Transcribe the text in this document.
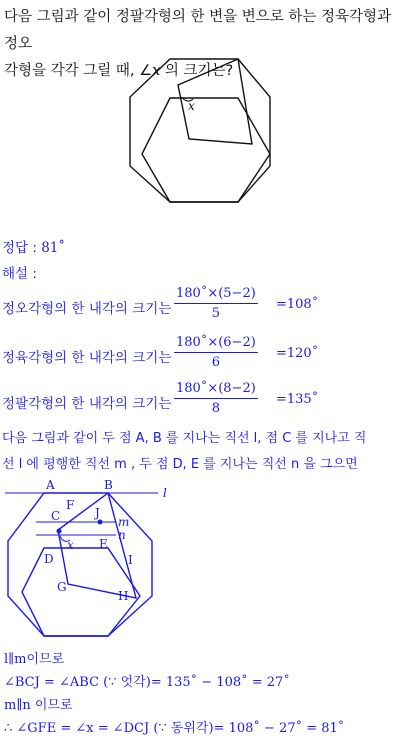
다음 그림과 같이 정팔각형의 한 변을 변으로 하는 정육각형과 정오
각형을 각각 그릴 때, ∠x 의 크기는?
x
정답 : 81˚
해설 :
정오각형의 한 내각의 크기는 $\frac{180˚\times(5-2)}{5}$ =108˚
정육각형의 한 내각의 크기는 $\frac{180˚\times(6-2)}{6}$ =120˚
정팔각형의 한 내각의 크기는 $\frac{180˚\times(8-2)}{8}$ =135˚
다음 그림과 같이 두 점 A, B 를 지나는 직선 l, 점 C 를 지나고 직
선 l 에 평행한 직선 m , 두 점 D, E 를 지나는 직선 n 을 그으면
A	B
l
F
C	J
m
n
x E
D	I
G
H
l∥m이므로
∠BCJ = ∠ABC (∵ 엇각)= 135˚ − 108˚ = 27˚
m∥n 이므로
∴ ∠GFE = ∠x = ∠DCJ (∵ 동위각)= 108˚ − 27˚ = 81˚
